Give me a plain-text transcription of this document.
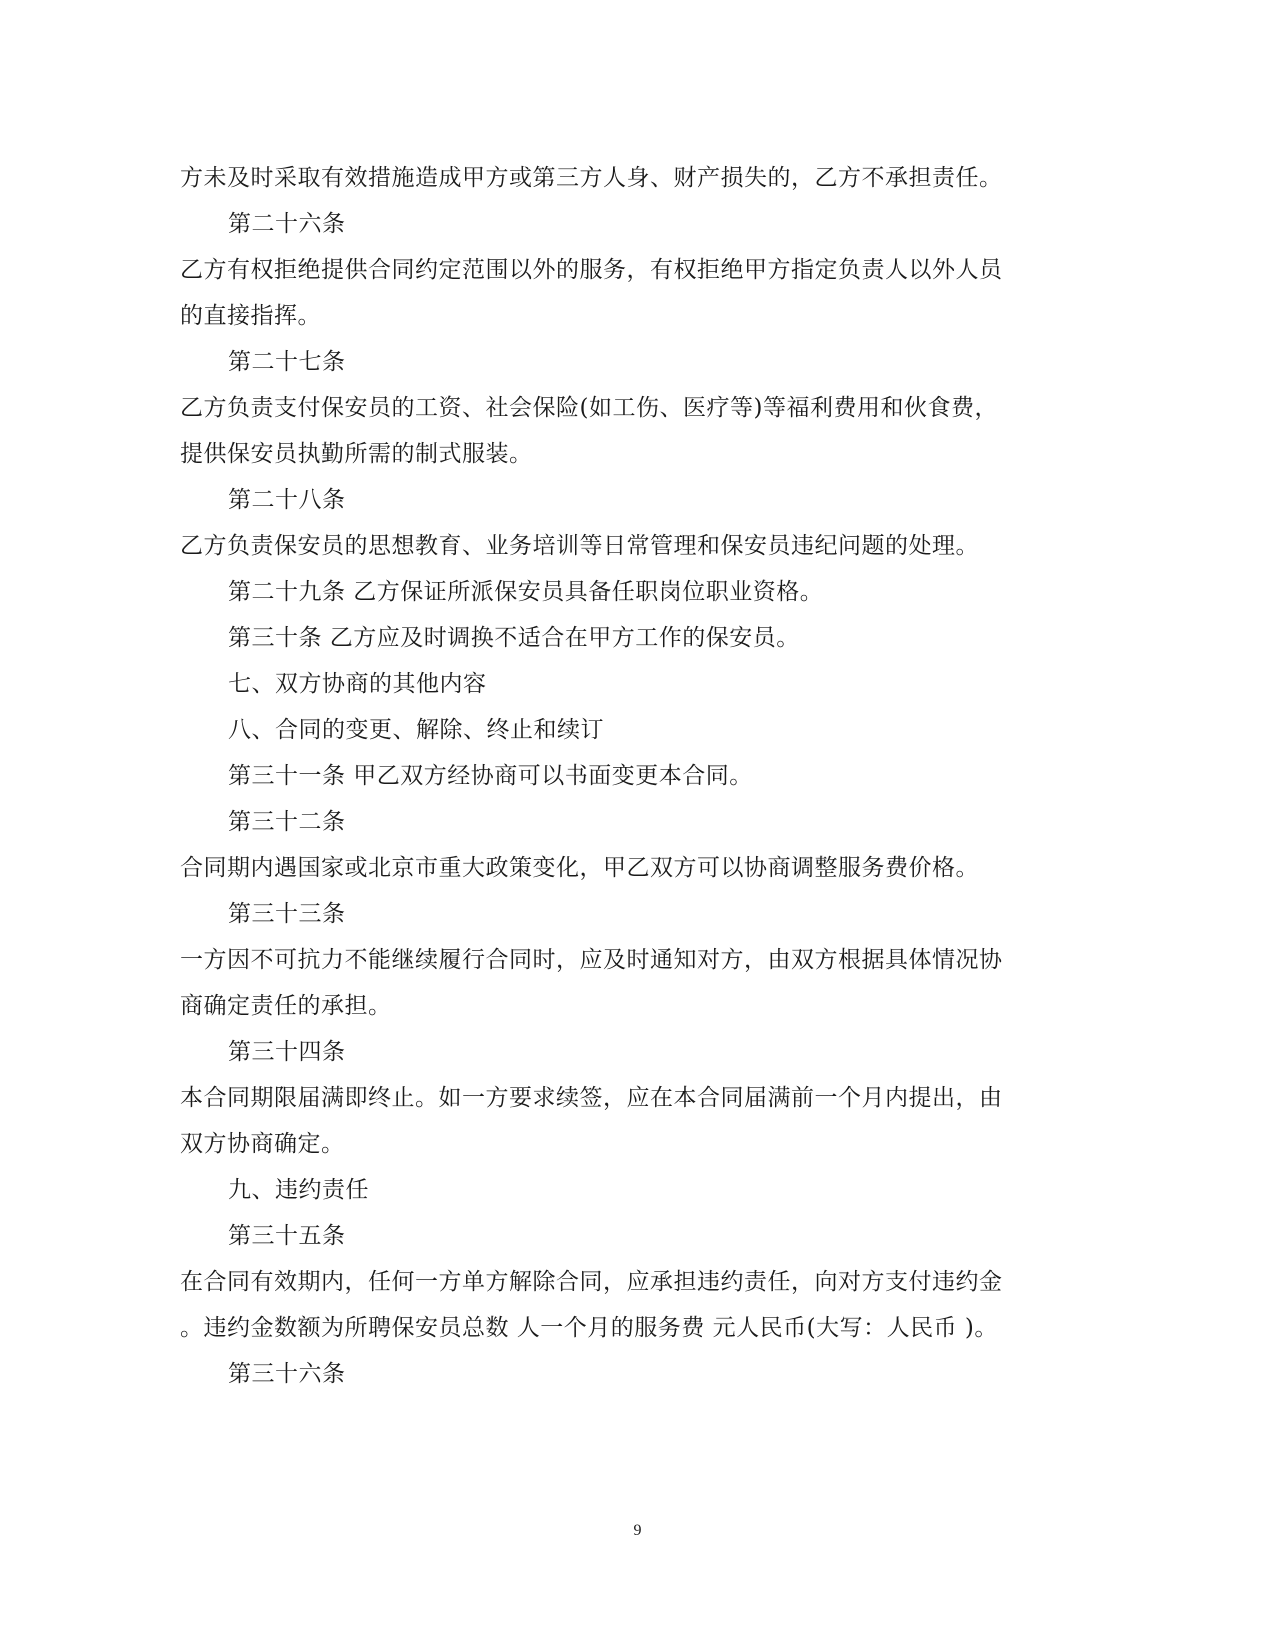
方未及时采取有效措施造成甲方或第三方人身、财产损失的，乙方不承担责任。
第二十六条
乙方有权拒绝提供合同约定范围以外的服务，有权拒绝甲方指定负责人以外人员
的直接指挥。
第二十七条
乙方负责支付保安员的工资、社会保险(如工伤、医疗等)等福利费用和伙食费，
提供保安员执勤所需的制式服装。
第二十八条
乙方负责保安员的思想教育、业务培训等日常管理和保安员违纪问题的处理。
第二十九条 乙方保证所派保安员具备任职岗位职业资格。
第三十条 乙方应及时调换不适合在甲方工作的保安员。
七、双方协商的其他内容
八、合同的变更、解除、终止和续订
第三十一条 甲乙双方经协商可以书面变更本合同。
第三十二条
合同期内遇国家或北京市重大政策变化，甲乙双方可以协商调整服务费价格。
第三十三条
一方因不可抗力不能继续履行合同时，应及时通知对方，由双方根据具体情况协
商确定责任的承担。
第三十四条
本合同期限届满即终止。如一方要求续签，应在本合同届满前一个月内提出，由
双方协商确定。
九、违约责任
第三十五条
在合同有效期内，任何一方单方解除合同，应承担违约责任，向对方支付违约金
。违约金数额为所聘保安员总数 人一个月的服务费 元人民币(大写：人民币 )。
第三十六条
9
